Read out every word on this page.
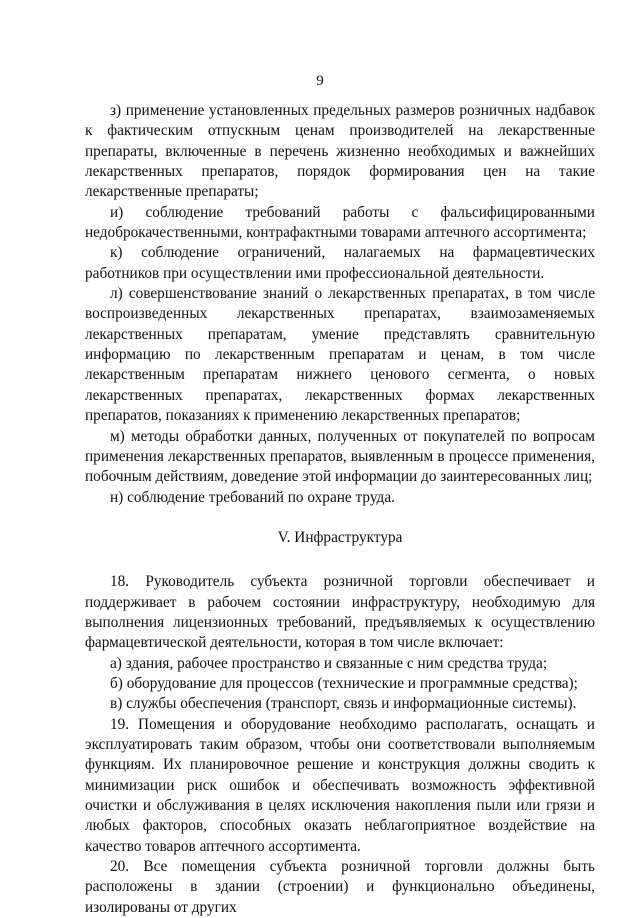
9

з) применение установленных предельных размеров розничных надбавок к фактическим отпускным ценам производителей на лекарственные препараты, включенные в перечень жизненно необходимых и важнейших лекарственных препаратов, порядок формирования цен на такие лекарственные препараты;

и) соблюдение требований работы с фальсифицированными недоброкачественными, контрафактными товарами аптечного ассортимента;

к) соблюдение ограничений, налагаемых на фармацевтических работников при осуществлении ими профессиональной деятельности.

л) совершенствование знаний о лекарственных препаратах, в том числе воспроизведенных лекарственных препаратах, взаимозаменяемых лекарственных препаратам, умение представлять сравнительную информацию по лекарственным препаратам и ценам, в том числе лекарственным препаратам нижнего ценового сегмента, о новых лекарственных препаратах, лекарственных формах лекарственных препаратов, показаниях к применению лекарственных препаратов;

м) методы обработки данных, полученных от покупателей по вопросам применения лекарственных препаратов, выявленным в процессе применения, побочным действиям, доведение этой информации до заинтересованных лиц;

н) соблюдение требований по охране труда.

V. Инфраструктура

18. Руководитель субъекта розничной торговли обеспечивает и поддерживает в рабочем состоянии инфраструктуру, необходимую для выполнения лицензионных требований, предъявляемых к осуществлению фармацевтической деятельности, которая в том числе включает:

а) здания, рабочее пространство и связанные с ним средства труда;

б) оборудование для процессов (технические и программные средства);

в) службы обеспечения (транспорт, связь и информационные системы).

19. Помещения и оборудование необходимо располагать, оснащать и эксплуатировать таким образом, чтобы они соответствовали выполняемым функциям. Их планировочное решение и конструкция должны сводить к минимизации риск ошибок и обеспечивать возможность эффективной очистки и обслуживания в целях исключения накопления пыли или грязи и любых факторов, способных оказать неблагоприятное воздействие на качество товаров аптечного ассортимента.

20. Все помещения субъекта розничной торговли должны быть расположены в здании (строении) и функционально объединены, изолированы от других
